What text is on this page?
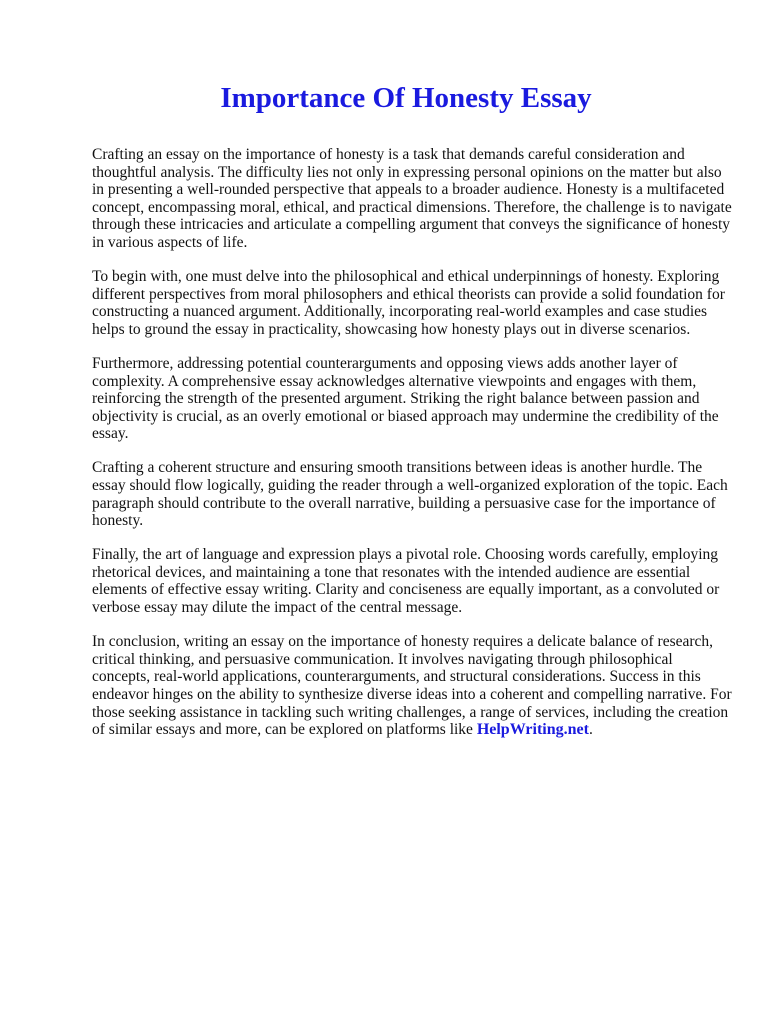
Importance Of Honesty Essay

Crafting an essay on the importance of honesty is a task that demands careful consideration and thoughtful analysis. The difficulty lies not only in expressing personal opinions on the matter but also in presenting a well-rounded perspective that appeals to a broader audience. Honesty is a multifaceted concept, encompassing moral, ethical, and practical dimensions. Therefore, the challenge is to navigate through these intricacies and articulate a compelling argument that conveys the significance of honesty in various aspects of life.

To begin with, one must delve into the philosophical and ethical underpinnings of honesty. Exploring different perspectives from moral philosophers and ethical theorists can provide a solid foundation for constructing a nuanced argument. Additionally, incorporating real-world examples and case studies helps to ground the essay in practicality, showcasing how honesty plays out in diverse scenarios.

Furthermore, addressing potential counterarguments and opposing views adds another layer of complexity. A comprehensive essay acknowledges alternative viewpoints and engages with them, reinforcing the strength of the presented argument. Striking the right balance between passion and objectivity is crucial, as an overly emotional or biased approach may undermine the credibility of the essay.

Crafting a coherent structure and ensuring smooth transitions between ideas is another hurdle. The essay should flow logically, guiding the reader through a well-organized exploration of the topic. Each paragraph should contribute to the overall narrative, building a persuasive case for the importance of honesty.

Finally, the art of language and expression plays a pivotal role. Choosing words carefully, employing rhetorical devices, and maintaining a tone that resonates with the intended audience are essential elements of effective essay writing. Clarity and conciseness are equally important, as a convoluted or verbose essay may dilute the impact of the central message.

In conclusion, writing an essay on the importance of honesty requires a delicate balance of research, critical thinking, and persuasive communication. It involves navigating through philosophical concepts, real-world applications, counterarguments, and structural considerations. Success in this endeavor hinges on the ability to synthesize diverse ideas into a coherent and compelling narrative. For those seeking assistance in tackling such writing challenges, a range of services, including the creation of similar essays and more, can be explored on platforms like HelpWriting.net.
